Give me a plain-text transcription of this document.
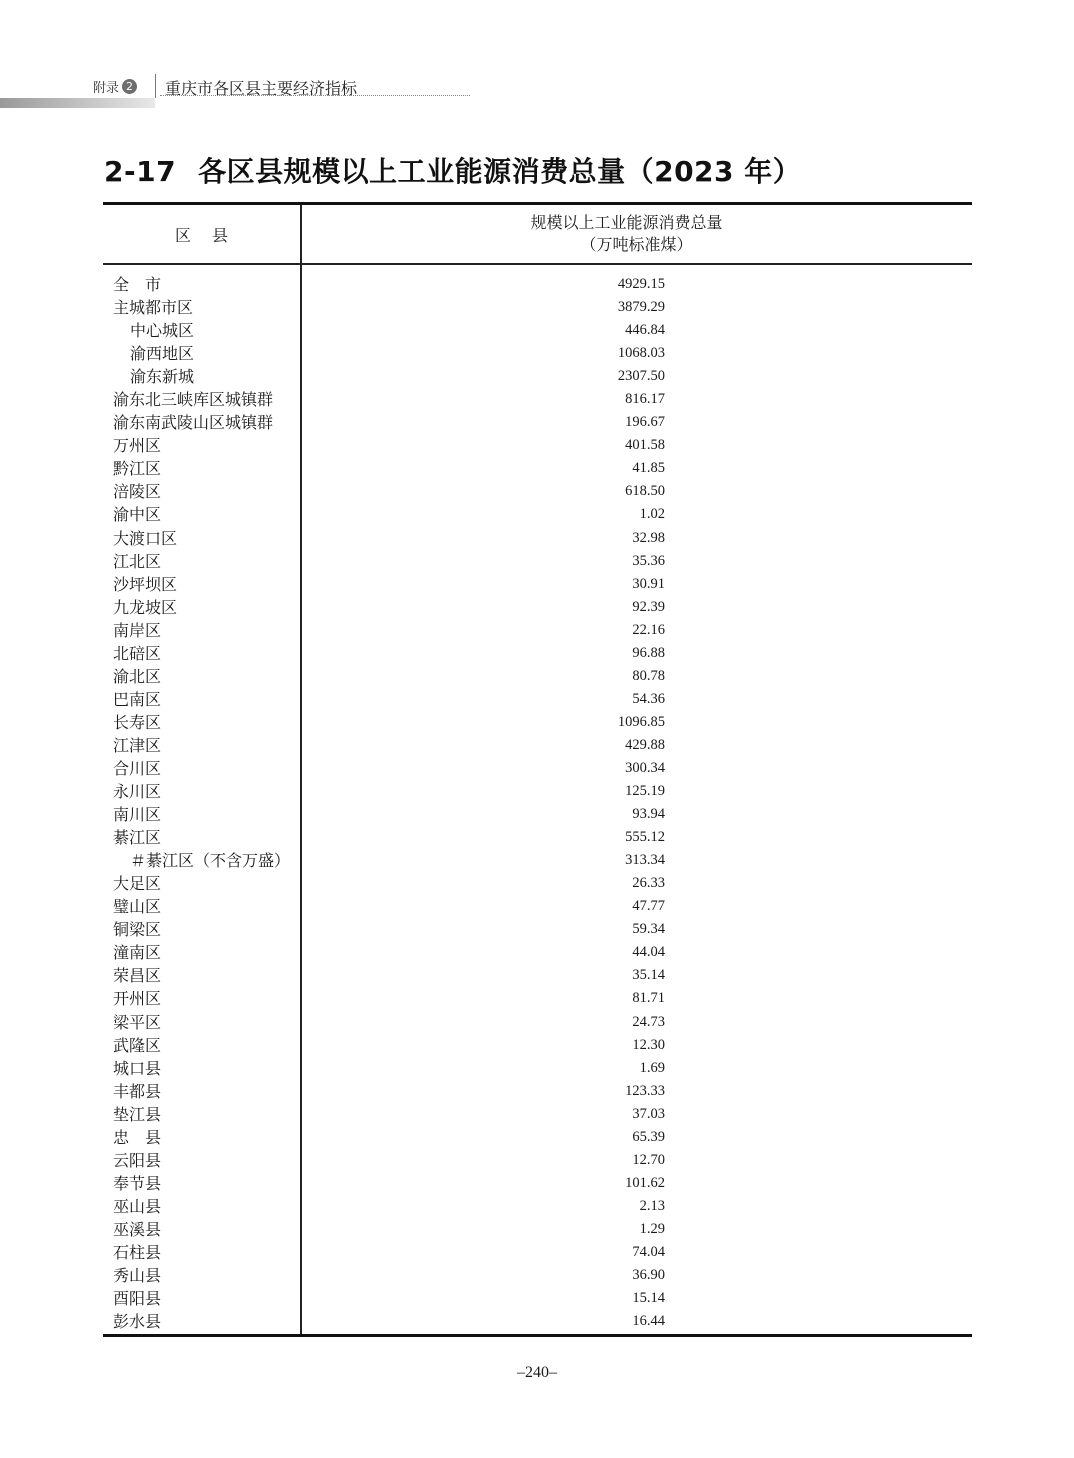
附录 2 重庆市各区县主要经济指标
2-17 各区县规模以上工业能源消费总量（2023 年）
区　 县
规模以上工业能源消费总量
（万吨标准煤）
全　市	4929.15
主城都市区	3879.29
中心城区	446.84
渝西地区	1068.03
渝东新城	2307.50
渝东北三峡库区城镇群	816.17
渝东南武陵山区城镇群	196.67
万州区	401.58
黔江区	41.85
涪陵区	618.50
渝中区	1.02
大渡口区	32.98
江北区	35.36
沙坪坝区	30.91
九龙坡区	92.39
南岸区	22.16
北碚区	96.88
渝北区	80.78
巴南区	54.36
长寿区	1096.85
江津区	429.88
合川区	300.34
永川区	125.19
南川区	93.94
綦江区	555.12
＃綦江区（不含万盛）	313.34
大足区	26.33
璧山区	47.77
铜梁区	59.34
潼南区	44.04
荣昌区	35.14
开州区	81.71
梁平区	24.73
武隆区	12.30
城口县	1.69
丰都县	123.33
垫江县	37.03
忠　县	65.39
云阳县	12.70
奉节县	101.62
巫山县	2.13
巫溪县	1.29
石柱县	74.04
秀山县	36.90
酉阳县	15.14
彭水县	16.44
–240–
